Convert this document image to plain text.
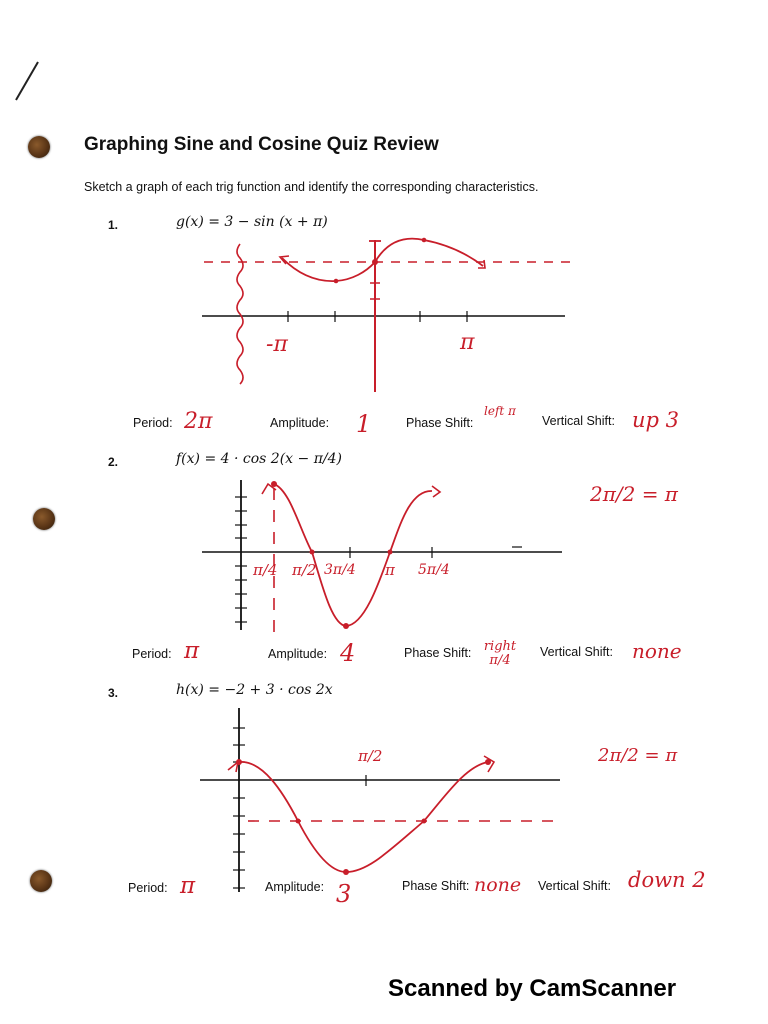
Graphing Sine and Cosine Quiz Review
Sketch a graph of each trig function and identify the corresponding characteristics.
1.	g(x) = 3 − sin (x + π)
-π	π
Period: 2π	Amplitude: 1	Phase Shift:
left π
Vertical Shift: up 3
2.	f(x) = 4 · cos 2(x − π/4)
2π/2 = π
π/4 π/2 3π/4 π 5π/4
Period: π	Amplitude: 4	Phase Shift: right π/4
Vertical Shift: none
3.	h(x) = −2 + 3 · cos 2x
2π/2 = π
π/2
Period: π	Amplitude: 3	Phase Shift: none Vertical Shift: down 2
Scanned by CamScanner
